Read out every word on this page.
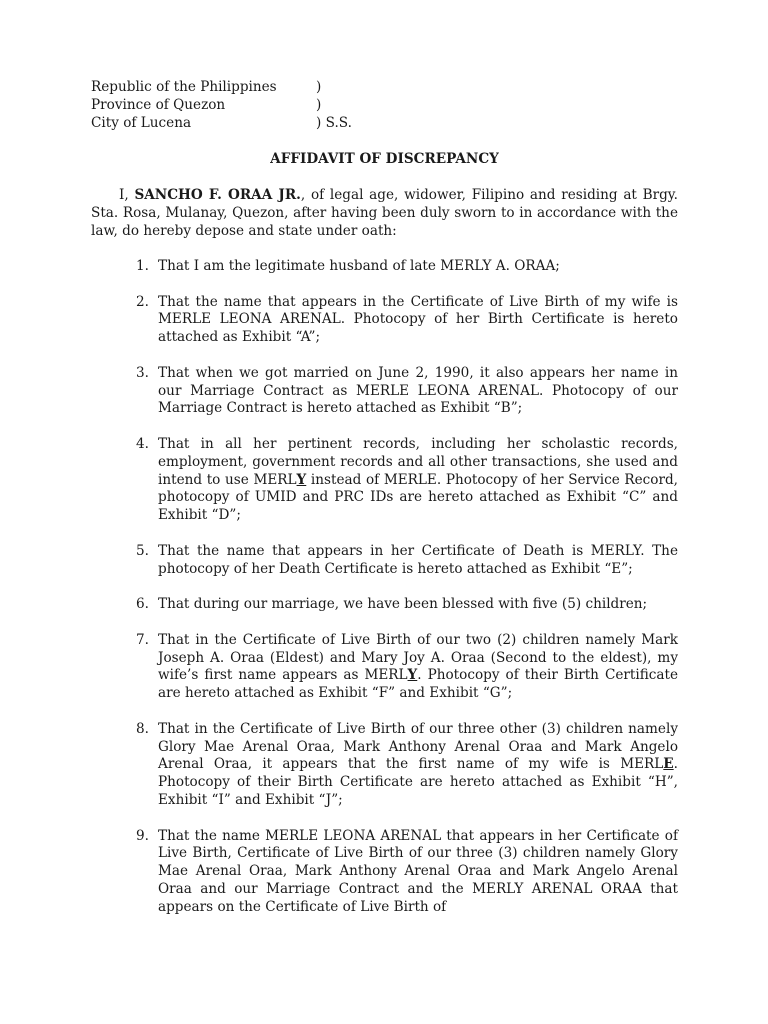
Republic of the Philippines	)
Province of Quezon	)
City of Lucena	) S.S.
AFFIDAVIT OF DISCREPANCY
I, SANCHO F. ORAA JR., of legal age, widower, Filipino and residing at Brgy. Sta. Rosa, Mulanay, Quezon, after having been duly sworn to in accordance with the law, do hereby depose and state under oath:
1. That I am the legitimate husband of late MERLY A. ORAA;
2. That the name that appears in the Certificate of Live Birth of my wife is MERLE LEONA ARENAL. Photocopy of her Birth Certificate is hereto attached as Exhibit “A”;
3. That when we got married on June 2, 1990, it also appears her name in our Marriage Contract as MERLE LEONA ARENAL. Photocopy of our Marriage Contract is hereto attached as Exhibit “B”;
4. That in all her pertinent records, including her scholastic records, employment, government records and all other transactions, she used and intend to use MERLY instead of MERLE. Photocopy of her Service Record, photocopy of UMID and PRC IDs are hereto attached as Exhibit “C” and Exhibit “D”;
5. That the name that appears in her Certificate of Death is MERLY. The photocopy of her Death Certificate is hereto attached as Exhibit “E”;
6. That during our marriage, we have been blessed with five (5) children;
7. That in the Certificate of Live Birth of our two (2) children namely Mark Joseph A. Oraa (Eldest) and Mary Joy A. Oraa (Second to the eldest), my wife’s first name appears as MERLY. Photocopy of their Birth Certificate are hereto attached as Exhibit “F” and Exhibit “G”;
8. That in the Certificate of Live Birth of our three other (3) children namely Glory Mae Arenal Oraa, Mark Anthony Arenal Oraa and Mark Angelo Arenal Oraa, it appears that the first name of my wife is MERLE. Photocopy of their Birth Certificate are hereto attached as Exhibit “H”, Exhibit “I” and Exhibit “J”;
9. That the name MERLE LEONA ARENAL that appears in her Certificate of Live Birth, Certificate of Live Birth of our three (3) children namely Glory Mae Arenal Oraa, Mark Anthony Arenal Oraa and Mark Angelo Arenal Oraa and our Marriage Contract and the MERLY ARENAL ORAA that appears on the Certificate of Live Birth of
